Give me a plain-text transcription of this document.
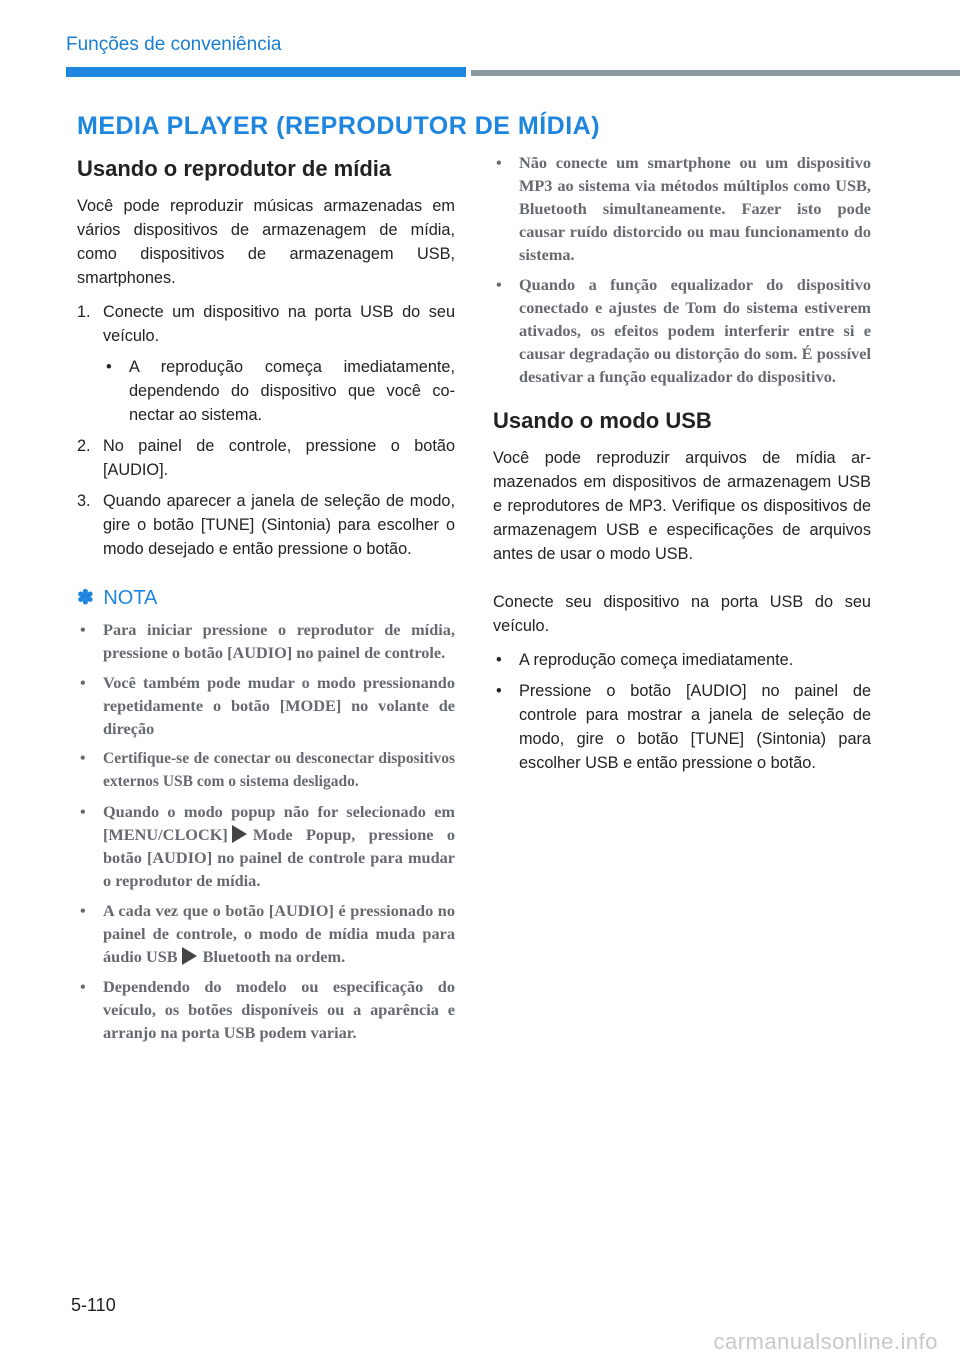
Funções de conveniência
MEDIA PLAYER (REPRODUTOR DE MÍDIA)
Usando o reprodutor de mídia

Você pode reproduzir músicas armazenadas em vários dispositivos de armazenagem de mídia, como dispositivos de armazenagem USB, smartphones.

1. Conecte um dispositivo na porta USB do seu veículo.
• A reprodução começa imediatamente, dependendo do dispositivo que você conectar ao sistema.
2. No painel de controle, pressione o botão [AUDIO].
3. Quando aparecer a janela de seleção de modo, gire o botão [TUNE] (Sintonia) para escolher o modo desejado e então pressione o botão.
✽ NOTA
• Para iniciar pressione o reprodutor de mídia, pressione o botão [AUDIO] no painel de controle.
• Você também pode mudar o modo pressionando repetidamente o botão [MODE] no volante de direção
• Certifique-se de conectar ou desconectar dispositivos externos USB com o sistema desligado.
• Quando o modo popup não for selecionado em [MENU/CLOCK] Mode Popup, pressione o botão [AUDIO] no painel de controle para mudar o reprodutor de mídia.
• A cada vez que o botão [AUDIO] é pressionado no painel de controle, o modo de mídia muda para áudio USB Bluetooth na ordem.
• Dependendo do modelo ou especificação do veículo, os botões disponíveis ou a aparência e arranjo na porta USB podem variar.
• Não conecte um smartphone ou um dispositivo MP3 ao sistema via métodos múltiplos como USB, Bluetooth simultaneamente. Fazer isto pode causar ruído distorcido ou mau funcionamento do sistema.
• Quando a função equalizador do dispositivo conectado e ajustes de Tom do sistema estiverem ativados, os efeitos podem interferir entre si e causar degradação ou distorção do som. É possível desativar a função equalizador do dispositivo.
Usando o modo USB

Você pode reproduzir arquivos de mídia armazenados em dispositivos de armazenagem USB e reprodutores de MP3. Verifique os dispositivos de armazenagem USB e especificações de arquivos antes de usar o modo USB.

Conecte seu dispositivo na porta USB do seu veículo.

• A reprodução começa imediatamente.
• Pressione o botão [AUDIO] no painel de controle para mostrar a janela de seleção de modo, gire o botão [TUNE] (Sintonia) para escolher USB e então pressione o botão.
5-110
carmanualsonline.info
